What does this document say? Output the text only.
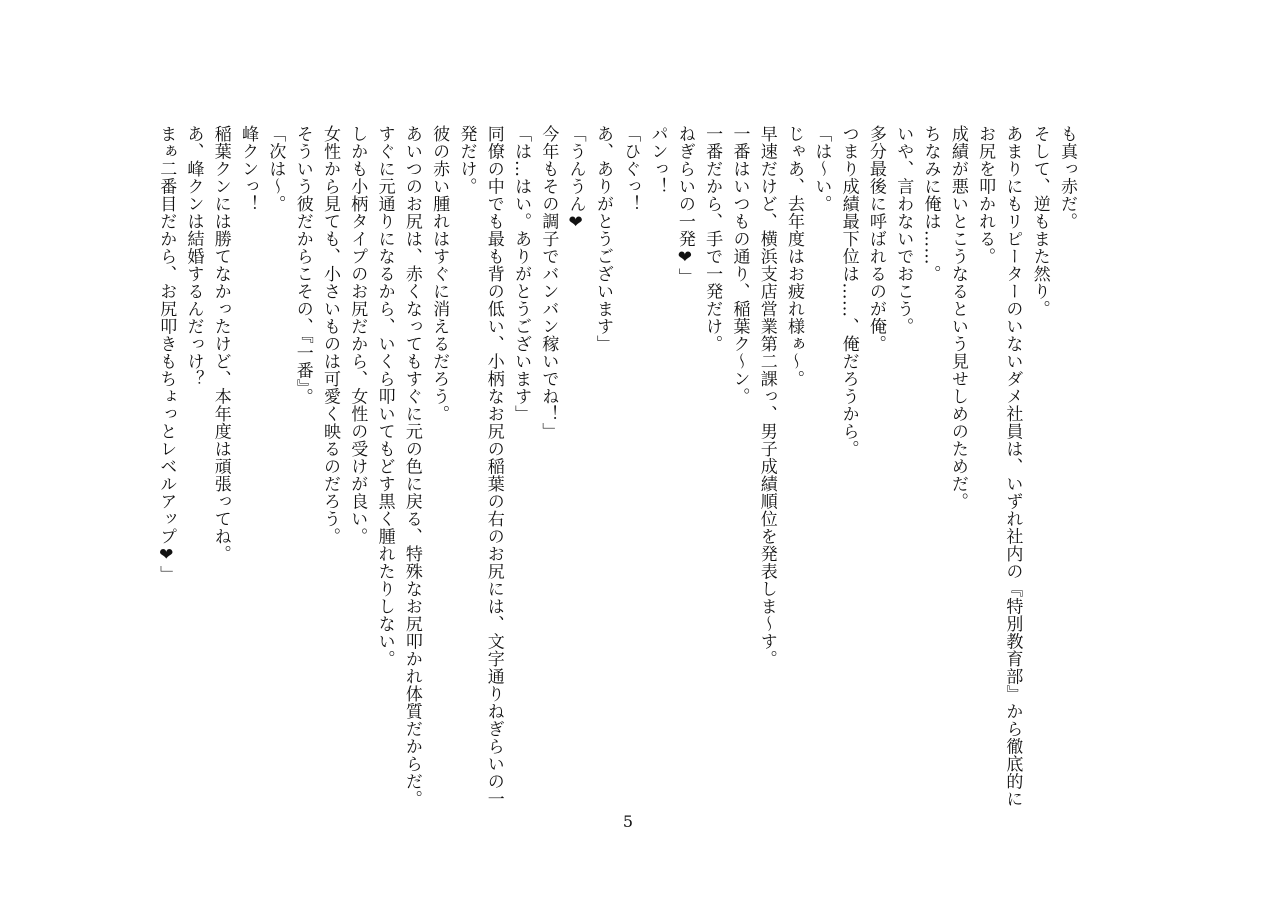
も真っ赤だ。
そして、逆もまた然り。
あまりにもリピーターのいないダメ社員は、いずれ社内の『特別教育部』から徹底的に
お尻を叩かれる。
成績が悪いとこうなるという見せしめのためだ。
ちなみに俺は……。
いや、言わないでおこう。
多分最後に呼ばれるのが俺。
つまり成績最下位は……、俺だろうから。
「は～い。
じゃあ、去年度はお疲れ様ぁ～。
早速だけど、横浜支店営業第二課っ、男子成績順位を発表しま～す。
一番はいつもの通り、稲葉ク～ン。
一番だから、手で一発だけ。
ねぎらいの一発❤」
パンっ！
「ひぐっ！
あ、ありがとうございます」
「うんうん❤
今年もその調子でバンバン稼いでね！」
「は…はい。ありがとうございます」
同僚の中でも最も背の低い、小柄なお尻の稲葉の右のお尻には、文字通りねぎらいの一
発だけ。
彼の赤い腫れはすぐに消えるだろう。
あいつのお尻は、赤くなってもすぐに元の色に戻る、特殊なお尻叩かれ体質だからだ。
すぐに元通りになるから、いくら叩いてもどす黒く腫れたりしない。
しかも小柄タイプのお尻だから、女性の受けが良い。
女性から見ても、小さいものは可愛く映るのだろう。
そういう彼だからこその、『一番』。
「次は～。
峰クンっ！
稲葉クンには勝てなかったけど、本年度は頑張ってね。
あ、峰クンは結婚するんだっけ？
まぁ二番目だから、お尻叩きもちょっとレベルアップ❤」
5
